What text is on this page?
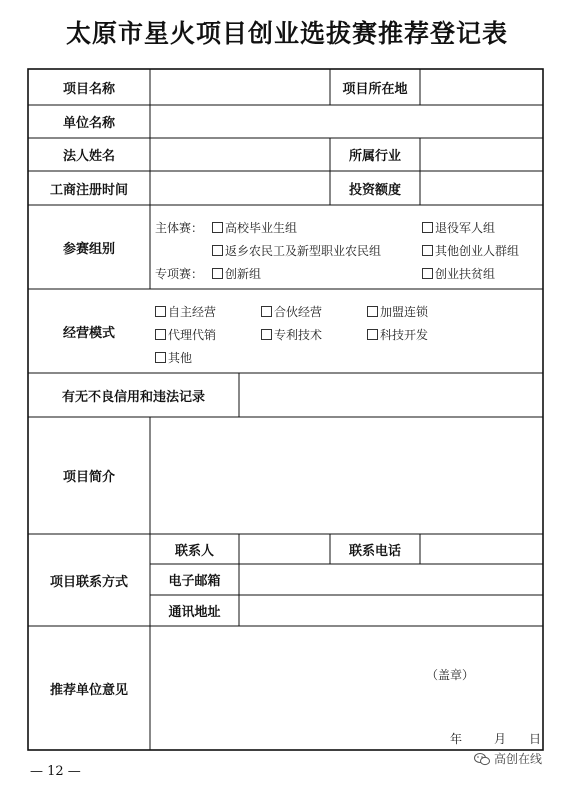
太原市星火项目创业选拔赛推荐登记表
项目名称	项目所在地
单位名称
法人姓名	所属行业
工商注册时间	投资额度
参赛组别
主体赛：	高校毕业生组	退役军人组
返乡农民工及新型职业农民组	其他创业人群组
专项赛：	创新组	创业扶贫组
经营模式
自主经营	合伙经营	加盟连锁
代理代销	专利技术	科技开发
其他
有无不良信用和违法记录
项目简介
项目联系方式
联系人	联系电话
电子邮箱
通讯地址
推荐单位意见
（盖章）
年	月 日
— 12 —
高创在线
